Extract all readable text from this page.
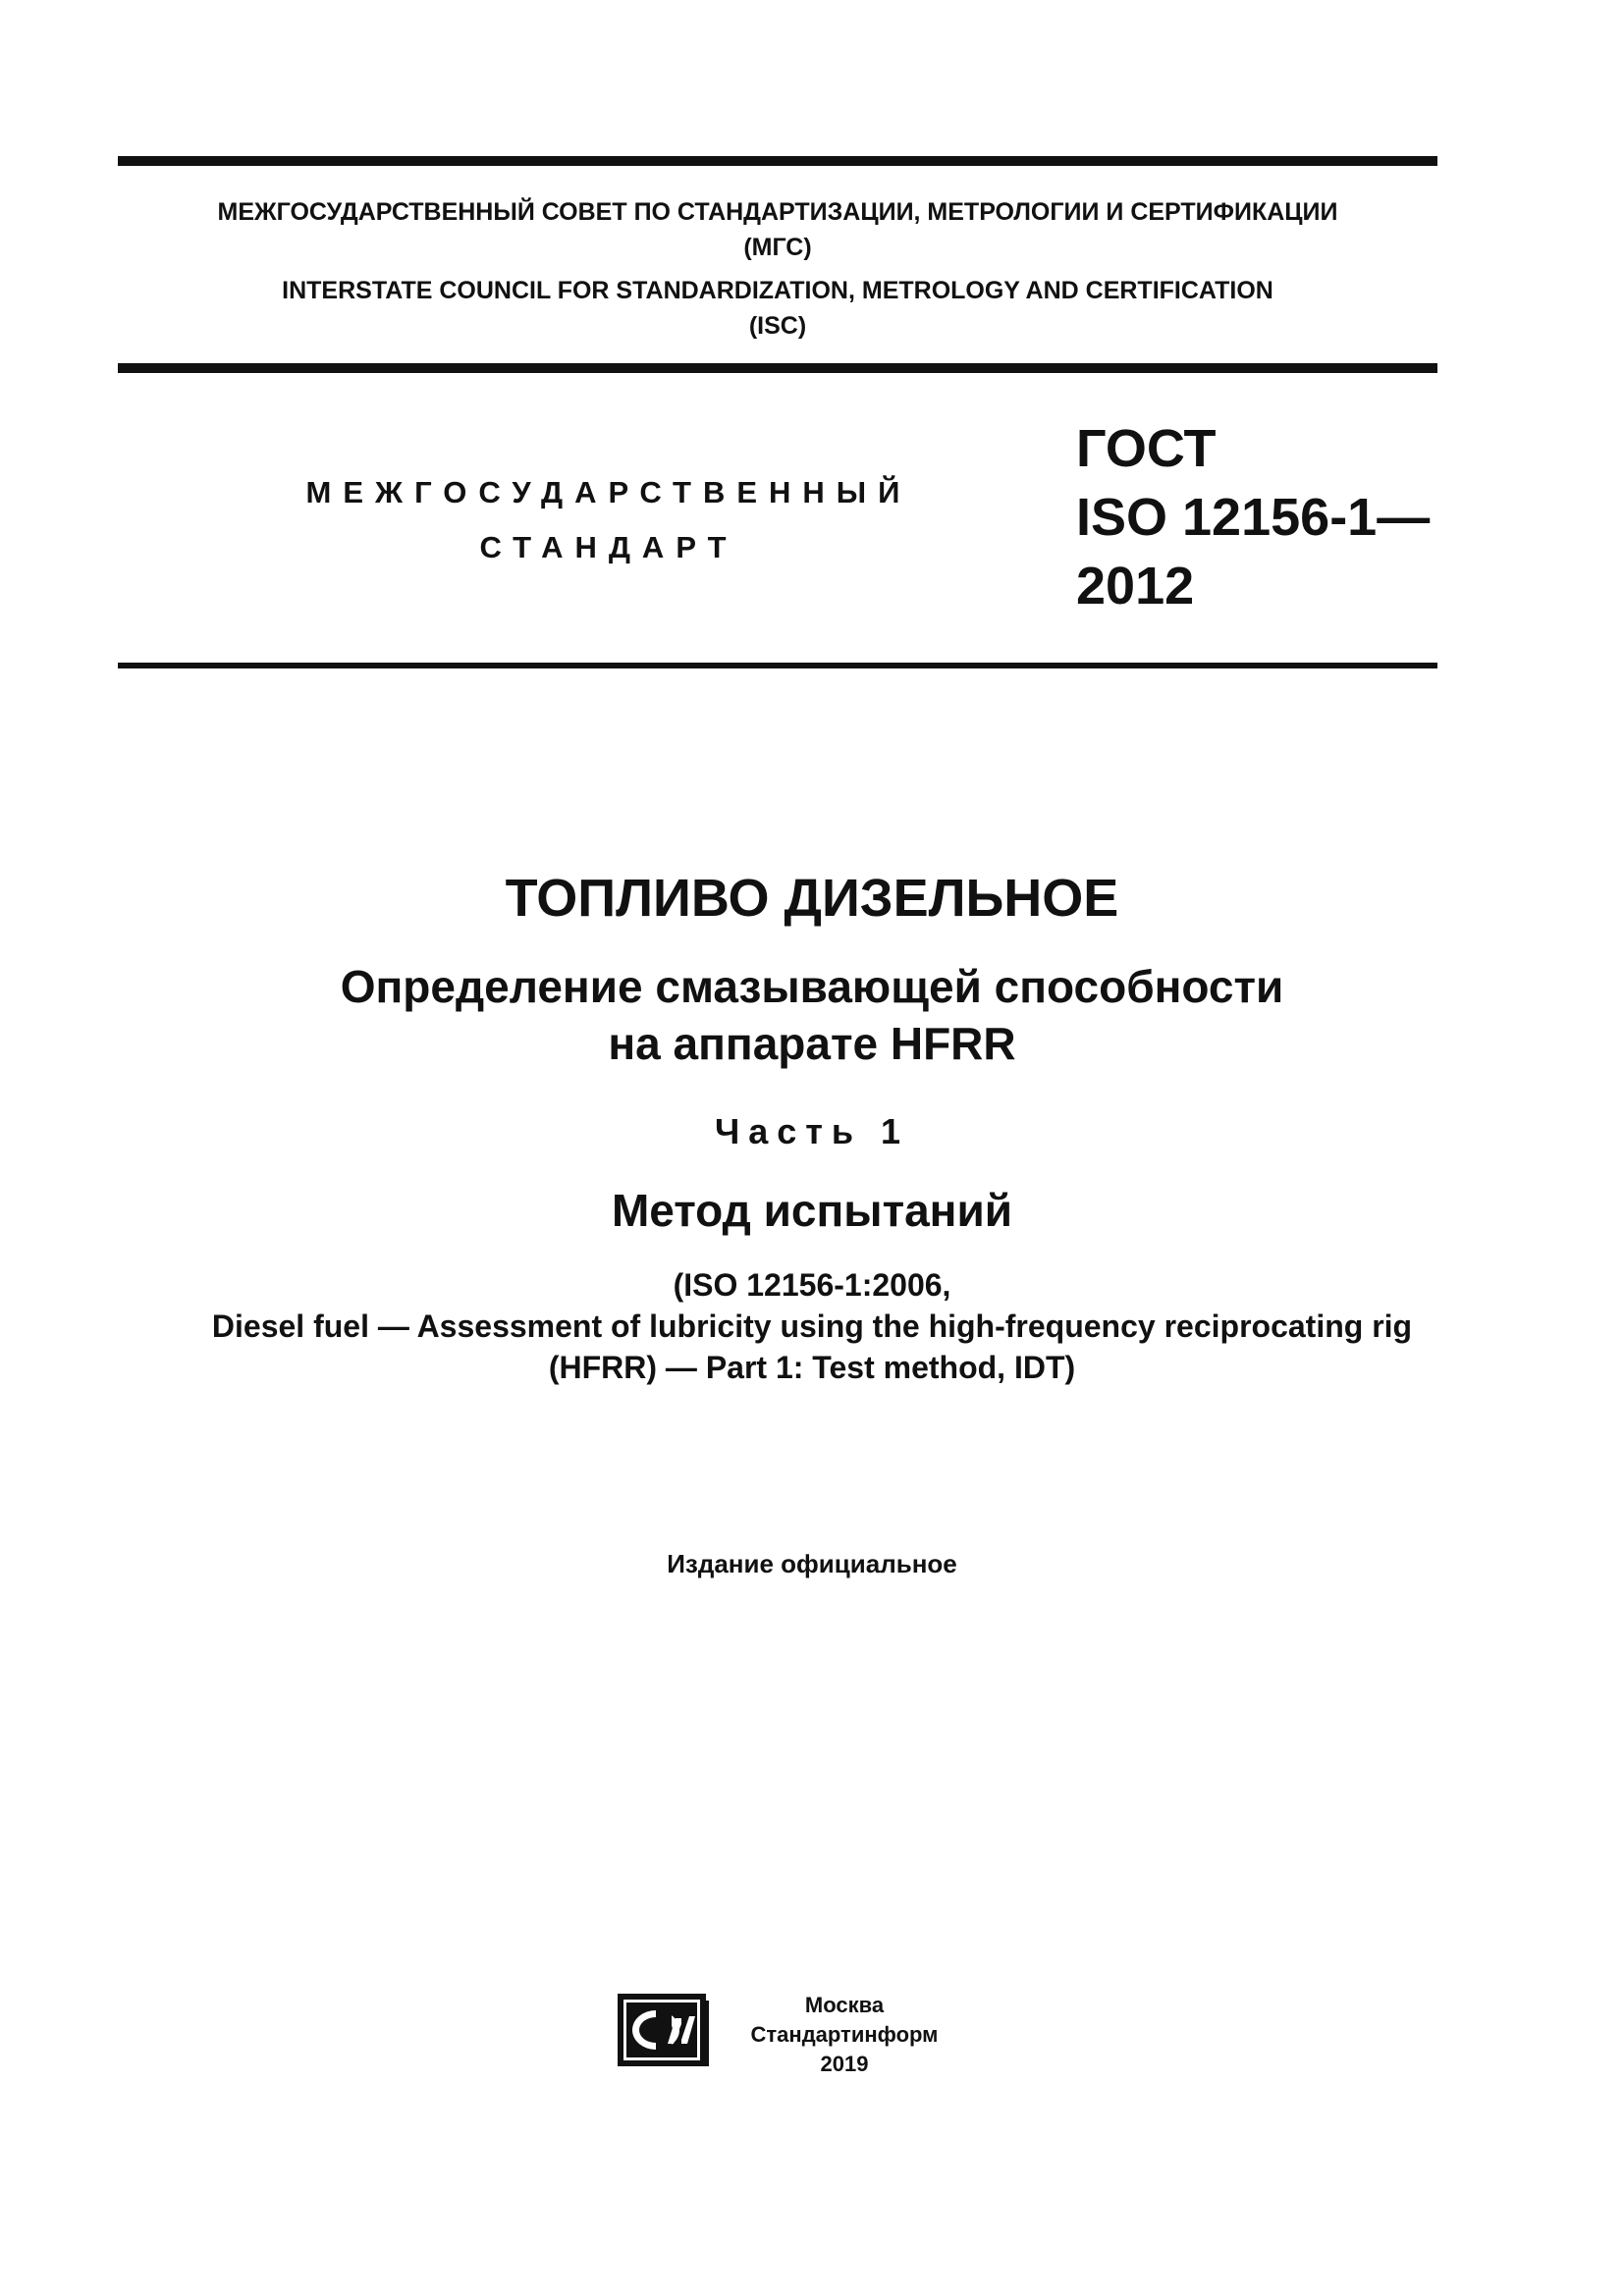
МЕЖГОСУДАРСТВЕННЫЙ СОВЕТ ПО СТАНДАРТИЗАЦИИ, МЕТРОЛОГИИ И СЕРТИФИКАЦИИ

(МГС)

INTERSTATE COUNCIL FOR STANDARDIZATION, METROLOGY AND CERTIFICATION

(ISC)

МЕЖГОСУДАРСТВЕННЫЙ
СТАНДАРТ
ГОСТ
ISO 12156-1—
2012
ТОПЛИВО ДИЗЕЛЬНОЕ
Определение смазывающей способности
на аппарате HFRR
Часть 1
Метод испытаний
(ISO 12156-1:2006,
Diesel fuel — Assessment of lubricity using the high-frequency reciprocating rig
(HFRR) — Part 1: Test method, IDT)
Издание официальное
Москва
Стандартинформ
2019
